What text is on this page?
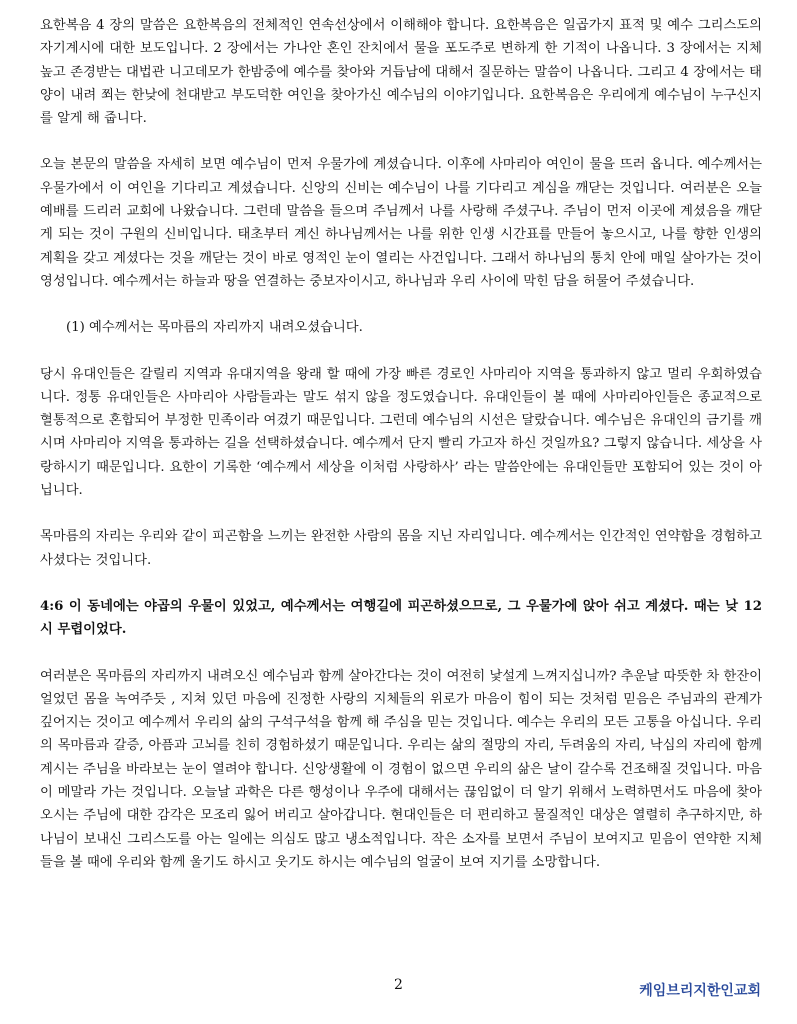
요한복음 4 장의 말씀은 요한복음의 전체적인 연속선상에서 이해해야 합니다. 요한복음은 일곱가지 표적 및 예수 그리스도의 자기계시에 대한 보도입니다. 2 장에서는 가나안 혼인 잔치에서 물을 포도주로 변하게 한 기적이 나옵니다. 3 장에서는 지체 높고 존경받는 대법관 니고데모가 한밤중에 예수를 찾아와 거듭남에 대해서 질문하는 말씀이 나옵니다. 그리고 4 장에서는 태양이 내려 쬐는 한낮에 천대받고 부도덕한 여인을 찾아가신 예수님의 이야기입니다. 요한복음은 우리에게 예수님이 누구신지를 알게 해 줍니다.

오늘 본문의 말씀을 자세히 보면 예수님이 먼저 우물가에 계셨습니다. 이후에 사마리아 여인이 물을 뜨러 옵니다. 예수께서는 우물가에서 이 여인을 기다리고 계셨습니다. 신앙의 신비는 예수님이 나를 기다리고 계심을 깨닫는 것입니다. 여러분은 오늘 예배를 드리러 교회에 나왔습니다. 그런데 말씀을 들으며 주님께서 나를 사랑해 주셨구나. 주님이 먼저 이곳에 계셨음을 깨닫게 되는 것이 구원의 신비입니다. 태초부터 계신 하나님께서는 나를 위한 인생 시간표를 만들어 놓으시고, 나를 향한 인생의 계획을 갖고 계셨다는 것을 깨닫는 것이 바로 영적인 눈이 열리는 사건입니다. 그래서 하나님의 통치 안에 매일 살아가는 것이 영성입니다. 예수께서는 하늘과 땅을 연결하는 중보자이시고, 하나님과 우리 사이에 막힌 담을 허물어 주셨습니다.

(1) 예수께서는 목마름의 자리까지 내려오셨습니다.

당시 유대인들은 갈릴리 지역과 유대지역을 왕래 할 때에 가장 빠른 경로인 사마리아 지역을 통과하지 않고 멀리 우회하였습니다. 정통 유대인들은 사마리아 사람들과는 말도 섞지 않을 정도였습니다. 유대인들이 볼 때에 사마리아인들은 종교적으로 혈통적으로 혼합되어 부정한 민족이라 여겼기 때문입니다. 그런데 예수님의 시선은 달랐습니다. 예수님은 유대인의 금기를 깨시며 사마리아 지역을 통과하는 길을 선택하셨습니다. 예수께서 단지 빨리 가고자 하신 것일까요? 그렇지 않습니다. 세상을 사랑하시기 때문입니다. 요한이 기록한 ‘예수께서 세상을 이처럼 사랑하사’ 라는 말씀안에는 유대인들만 포함되어 있는 것이 아닙니다.

목마름의 자리는 우리와 같이 피곤함을 느끼는 완전한 사람의 몸을 지닌 자리입니다. 예수께서는 인간적인 연약함을 경험하고 사셨다는 것입니다.

4:6 이 동네에는 야곱의 우물이 있었고, 예수께서는 여행길에 피곤하셨으므로, 그 우물가에 앉아 쉬고 계셨다. 때는 낮 12 시 무렵이었다.

여러분은 목마름의 자리까지 내려오신 예수님과 함께 살아간다는 것이 여전히 낯설게 느껴지십니까? 추운날 따뜻한 차 한잔이 얼었던 몸을 녹여주듯 , 지쳐 있던 마음에 진정한 사랑의 지체들의 위로가 마음이 힘이 되는 것처럼 믿음은 주님과의 관계가 깊어지는 것이고 예수께서 우리의 삶의 구석구석을 함께 해 주심을 믿는 것입니다. 예수는 우리의 모든 고통을 아십니다. 우리의 목마름과 갈증, 아픔과 고뇌를 친히 경험하셨기 때문입니다. 우리는 삶의 절망의 자리, 두려움의 자리, 낙심의 자리에 함께 계시는 주님을 바라보는 눈이 열려야 합니다. 신앙생활에 이 경험이 없으면 우리의 삶은 날이 갈수록 건조해질 것입니다. 마음이 메말라 가는 것입니다. 오늘날 과학은 다른 행성이나 우주에 대해서는 끊임없이 더 알기 위해서 노력하면서도 마음에 찾아오시는 주님에 대한 감각은 모조리 잃어 버리고 살아갑니다. 현대인들은 더 편리하고 물질적인 대상은 열렬히 추구하지만, 하나님이 보내신 그리스도를 아는 일에는 의심도 많고 냉소적입니다. 작은 소자를 보면서 주님이 보여지고 믿음이 연약한 지체들을 볼 때에 우리와 함께 울기도 하시고 웃기도 하시는 예수님의 얼굴이 보여 지기를 소망합니다.

2	케임브리지한인교회
